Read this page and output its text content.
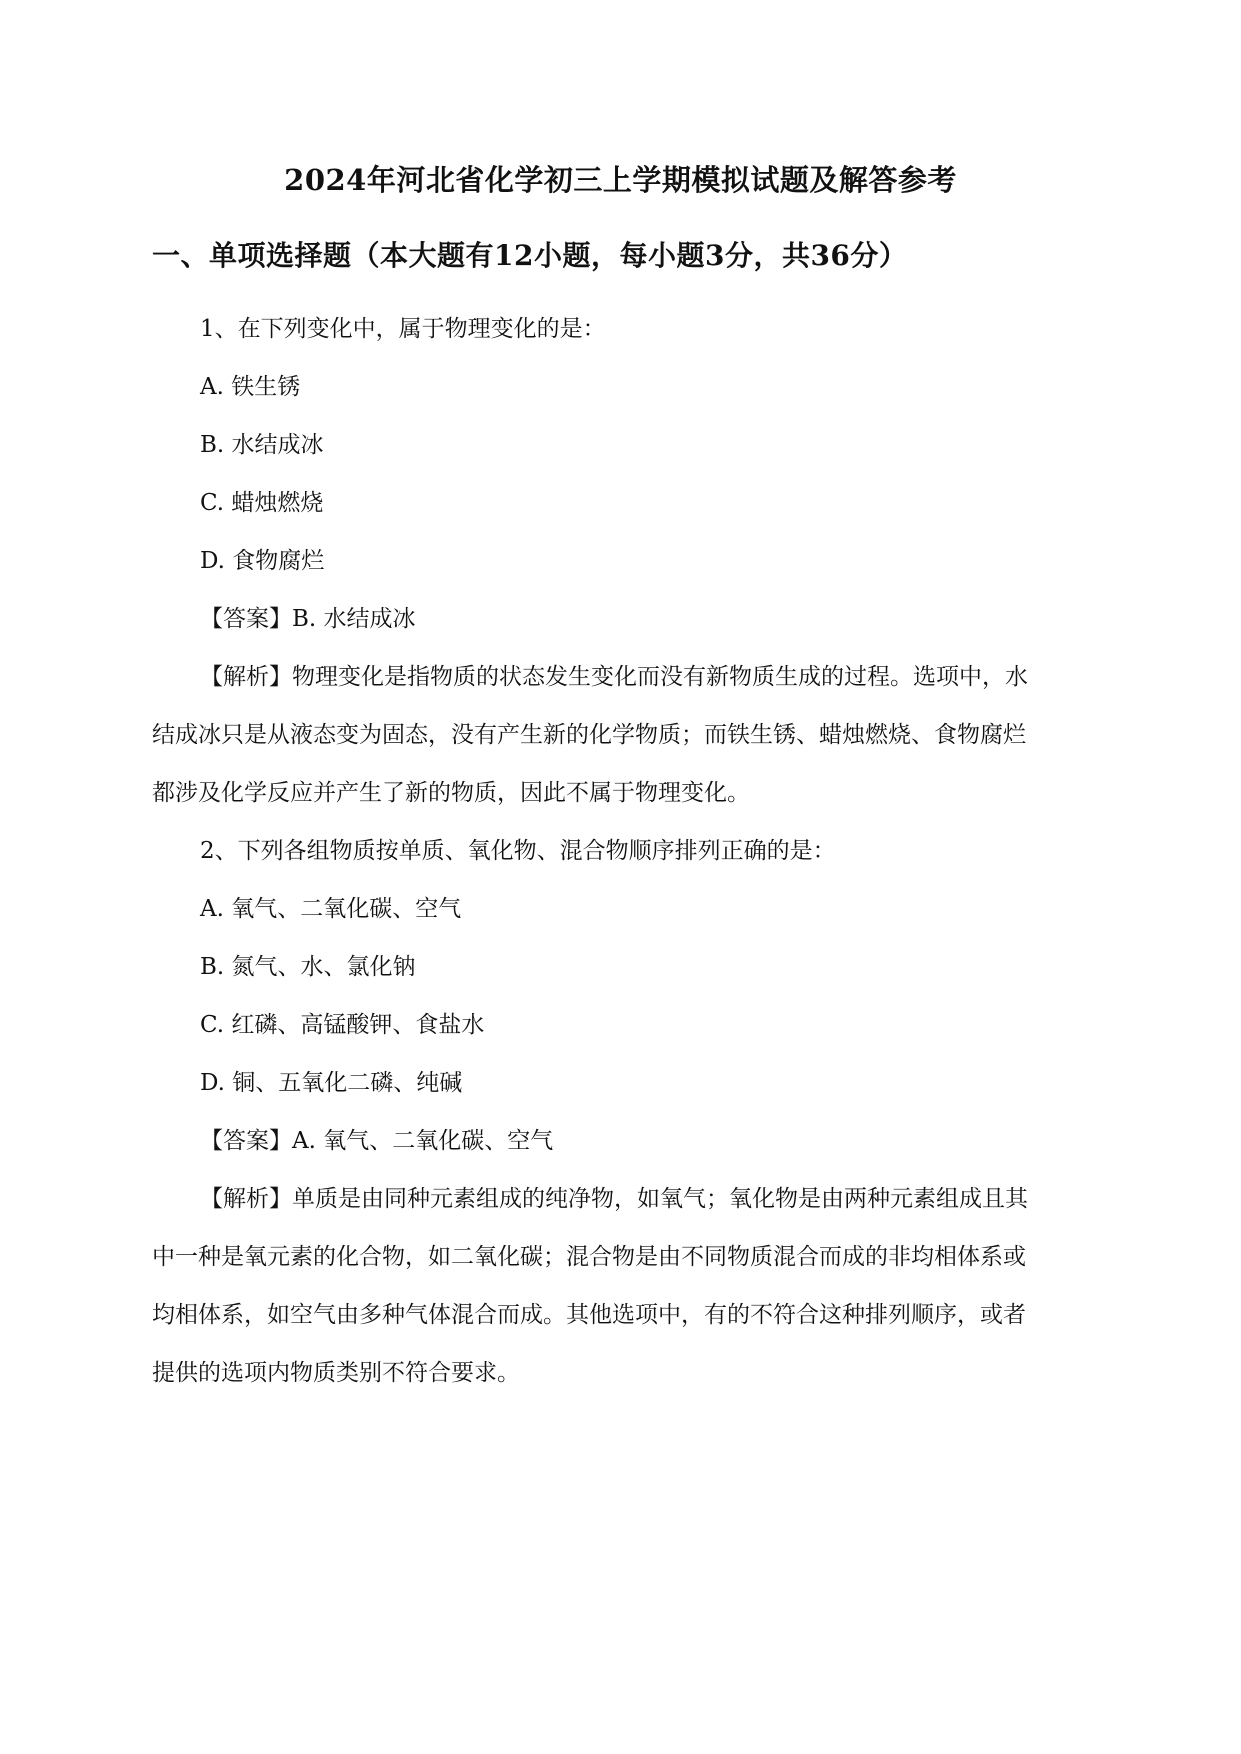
2024年河北省化学初三上学期模拟试题及解答参考
一、单项选择题（本大题有12小题，每小题3分，共36分）
1、在下列变化中，属于物理变化的是：
A. 铁生锈
B. 水结成冰
C. 蜡烛燃烧
D. 食物腐烂
【答案】B. 水结成冰
【解析】物理变化是指物质的状态发生变化而没有新物质生成的过程。选项中，水
结成冰只是从液态变为固态，没有产生新的化学物质；而铁生锈、蜡烛燃烧、食物腐烂
都涉及化学反应并产生了新的物质，因此不属于物理变化。
2、下列各组物质按单质、氧化物、混合物顺序排列正确的是：
A. 氧气、二氧化碳、空气
B. 氮气、水、氯化钠
C. 红磷、高锰酸钾、食盐水
D. 铜、五氧化二磷、纯碱
【答案】A. 氧气、二氧化碳、空气
【解析】单质是由同种元素组成的纯净物，如氧气；氧化物是由两种元素组成且其
中一种是氧元素的化合物，如二氧化碳；混合物是由不同物质混合而成的非均相体系或
均相体系，如空气由多种气体混合而成。其他选项中，有的不符合这种排列顺序，或者
提供的选项内物质类别不符合要求。
